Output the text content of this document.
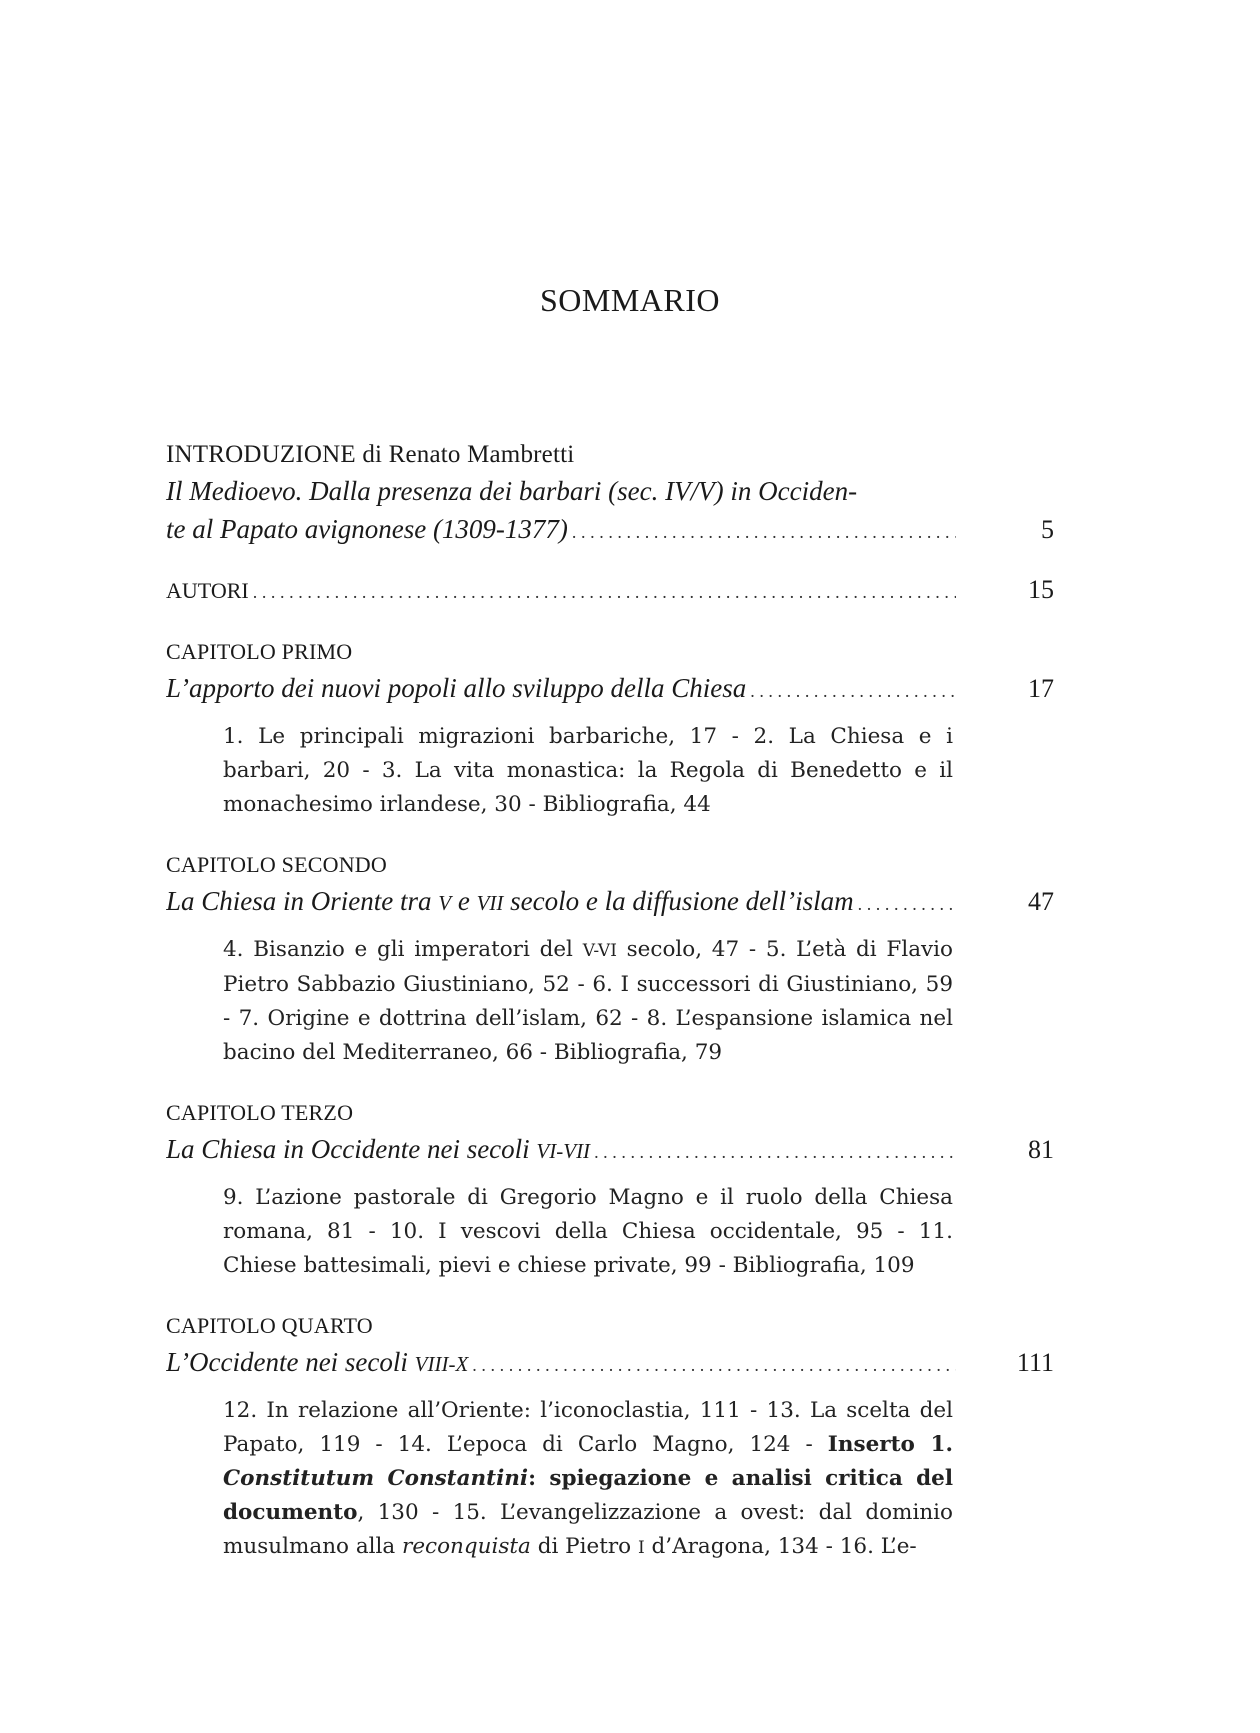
SOMMARIO
INTRODUZIONE di Renato Mambretti
Il Medioevo. Dalla presenza dei barbari (sec. IV/V) in Occiden-
te al Papato avignonese (1309-1377) .....	5
AUTORI .....	15
CAPITOLO PRIMO
L’apporto dei nuovi popoli allo sviluppo della Chiesa .....	17
1. Le principali migrazioni barbariche, 17 - 2. La Chiesa e i barbari, 20 - 3. La vita monastica: la Regola di Benedetto e il monachesimo irlandese, 30 - Bibliografia, 44
CAPITOLO SECONDO
La Chiesa in Oriente tra V e VII secolo e la diffusione dell’islam .....	47
4. Bisanzio e gli imperatori del V-VI secolo, 47 - 5. L’età di Flavio Pietro Sabbazio Giustiniano, 52 - 6. I successori di Giustiniano, 59 - 7. Origine e dottrina dell’islam, 62 - 8. L’espansione islamica nel bacino del Mediterraneo, 66 - Bibliografia, 79
CAPITOLO TERZO
La Chiesa in Occidente nei secoli VI-VII .....	81
9. L’azione pastorale di Gregorio Magno e il ruolo della Chiesa romana, 81 - 10. I vescovi della Chiesa occidentale, 95 - 11. Chiese battesimali, pievi e chiese private, 99 - Bibliografia, 109
CAPITOLO QUARTO
L’Occidente nei secoli VIII-X .....	111
12. In relazione all’Oriente: l’iconoclastia, 111 - 13. La scelta del Papato, 119 - 14. L’epoca di Carlo Magno, 124 - Inserto 1. Constitutum Constantini: spiegazione e analisi critica del documento, 130 - 15. L’evangelizzazione a ovest: dal dominio musulmano alla reconquista di Pietro I d’Aragona, 134 - 16. L’e-
